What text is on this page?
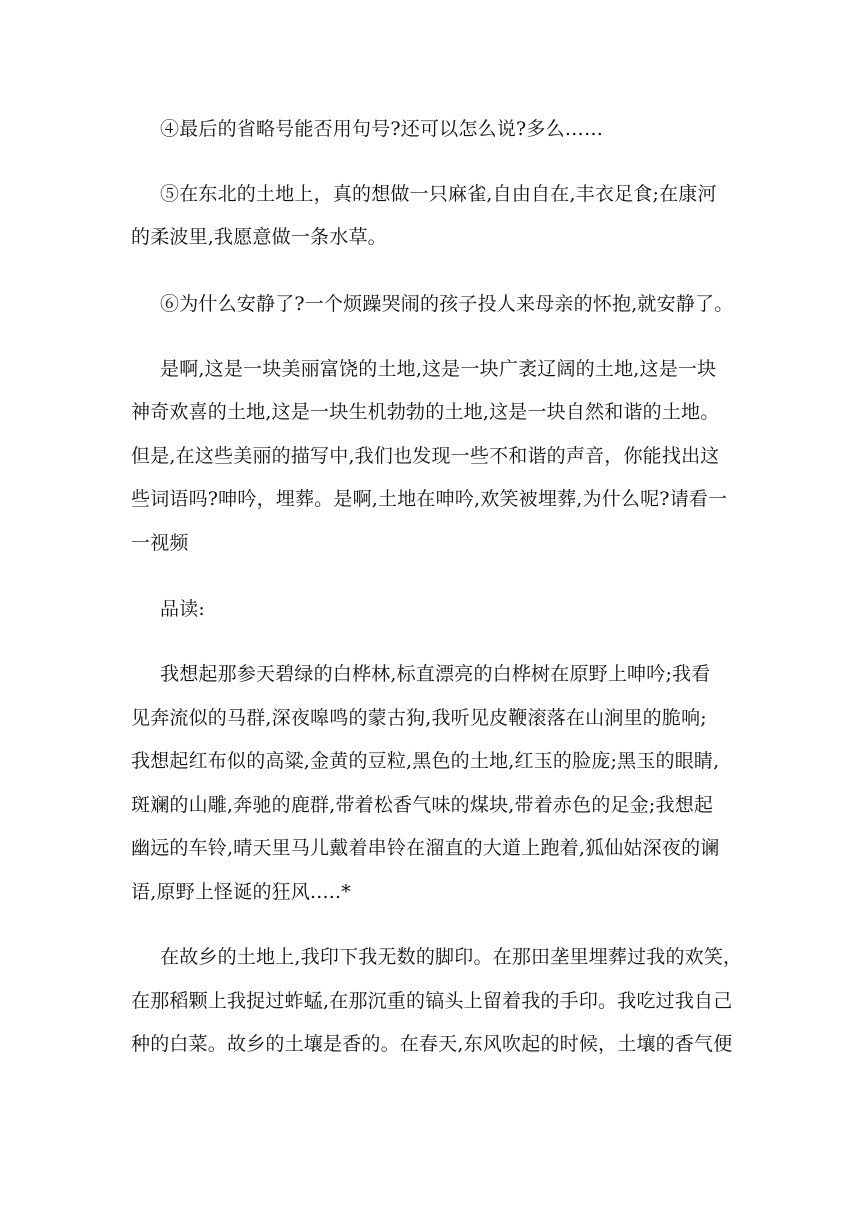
④最后的省略号能否用句号?还可以怎么说?多么……
⑤在东北的土地上，真的想做一只麻雀,自由自在,丰衣足食;在康河
的柔波里,我愿意做一条水草。
⑥为什么安静了?一个烦躁哭闹的孩子投人来母亲的怀抱,就安静了。
是啊,这是一块美丽富饶的土地,这是一块广袤辽阔的土地,这是一块
神奇欢喜的土地,这是一块生机勃勃的土地,这是一块自然和谐的土地。
但是,在这些美丽的描写中,我们也发现一些不和谐的声音，你能找出这
些词语吗?呻吟，埋葬。是啊,土地在呻吟,欢笑被埋葬,为什么呢?请看一
一视频
品读:
我想起那参天碧绿的白桦林,标直漂亮的白桦树在原野上呻吟;我看
见奔流似的马群,深夜嗥鸣的蒙古狗,我听见皮鞭滚落在山涧里的脆响;
我想起红布似的高粱,金黄的豆粒,黑色的土地,红玉的脸庞;黑玉的眼睛,
斑斓的山雕,奔驰的鹿群,带着松香气味的煤块,带着赤色的足金;我想起
幽远的车铃,晴天里马儿戴着串铃在溜直的大道上跑着,狐仙姑深夜的谰
语,原野上怪诞的狂风.....*
在故乡的土地上,我印下我无数的脚印。在那田垄里埋葬过我的欢笑，
在那稻颗上我捉过蚱蜢,在那沉重的镐头上留着我的手印。我吃过我自己
种的白菜。故乡的土壤是香的。在春天,东风吹起的时候，土壤的香气便
